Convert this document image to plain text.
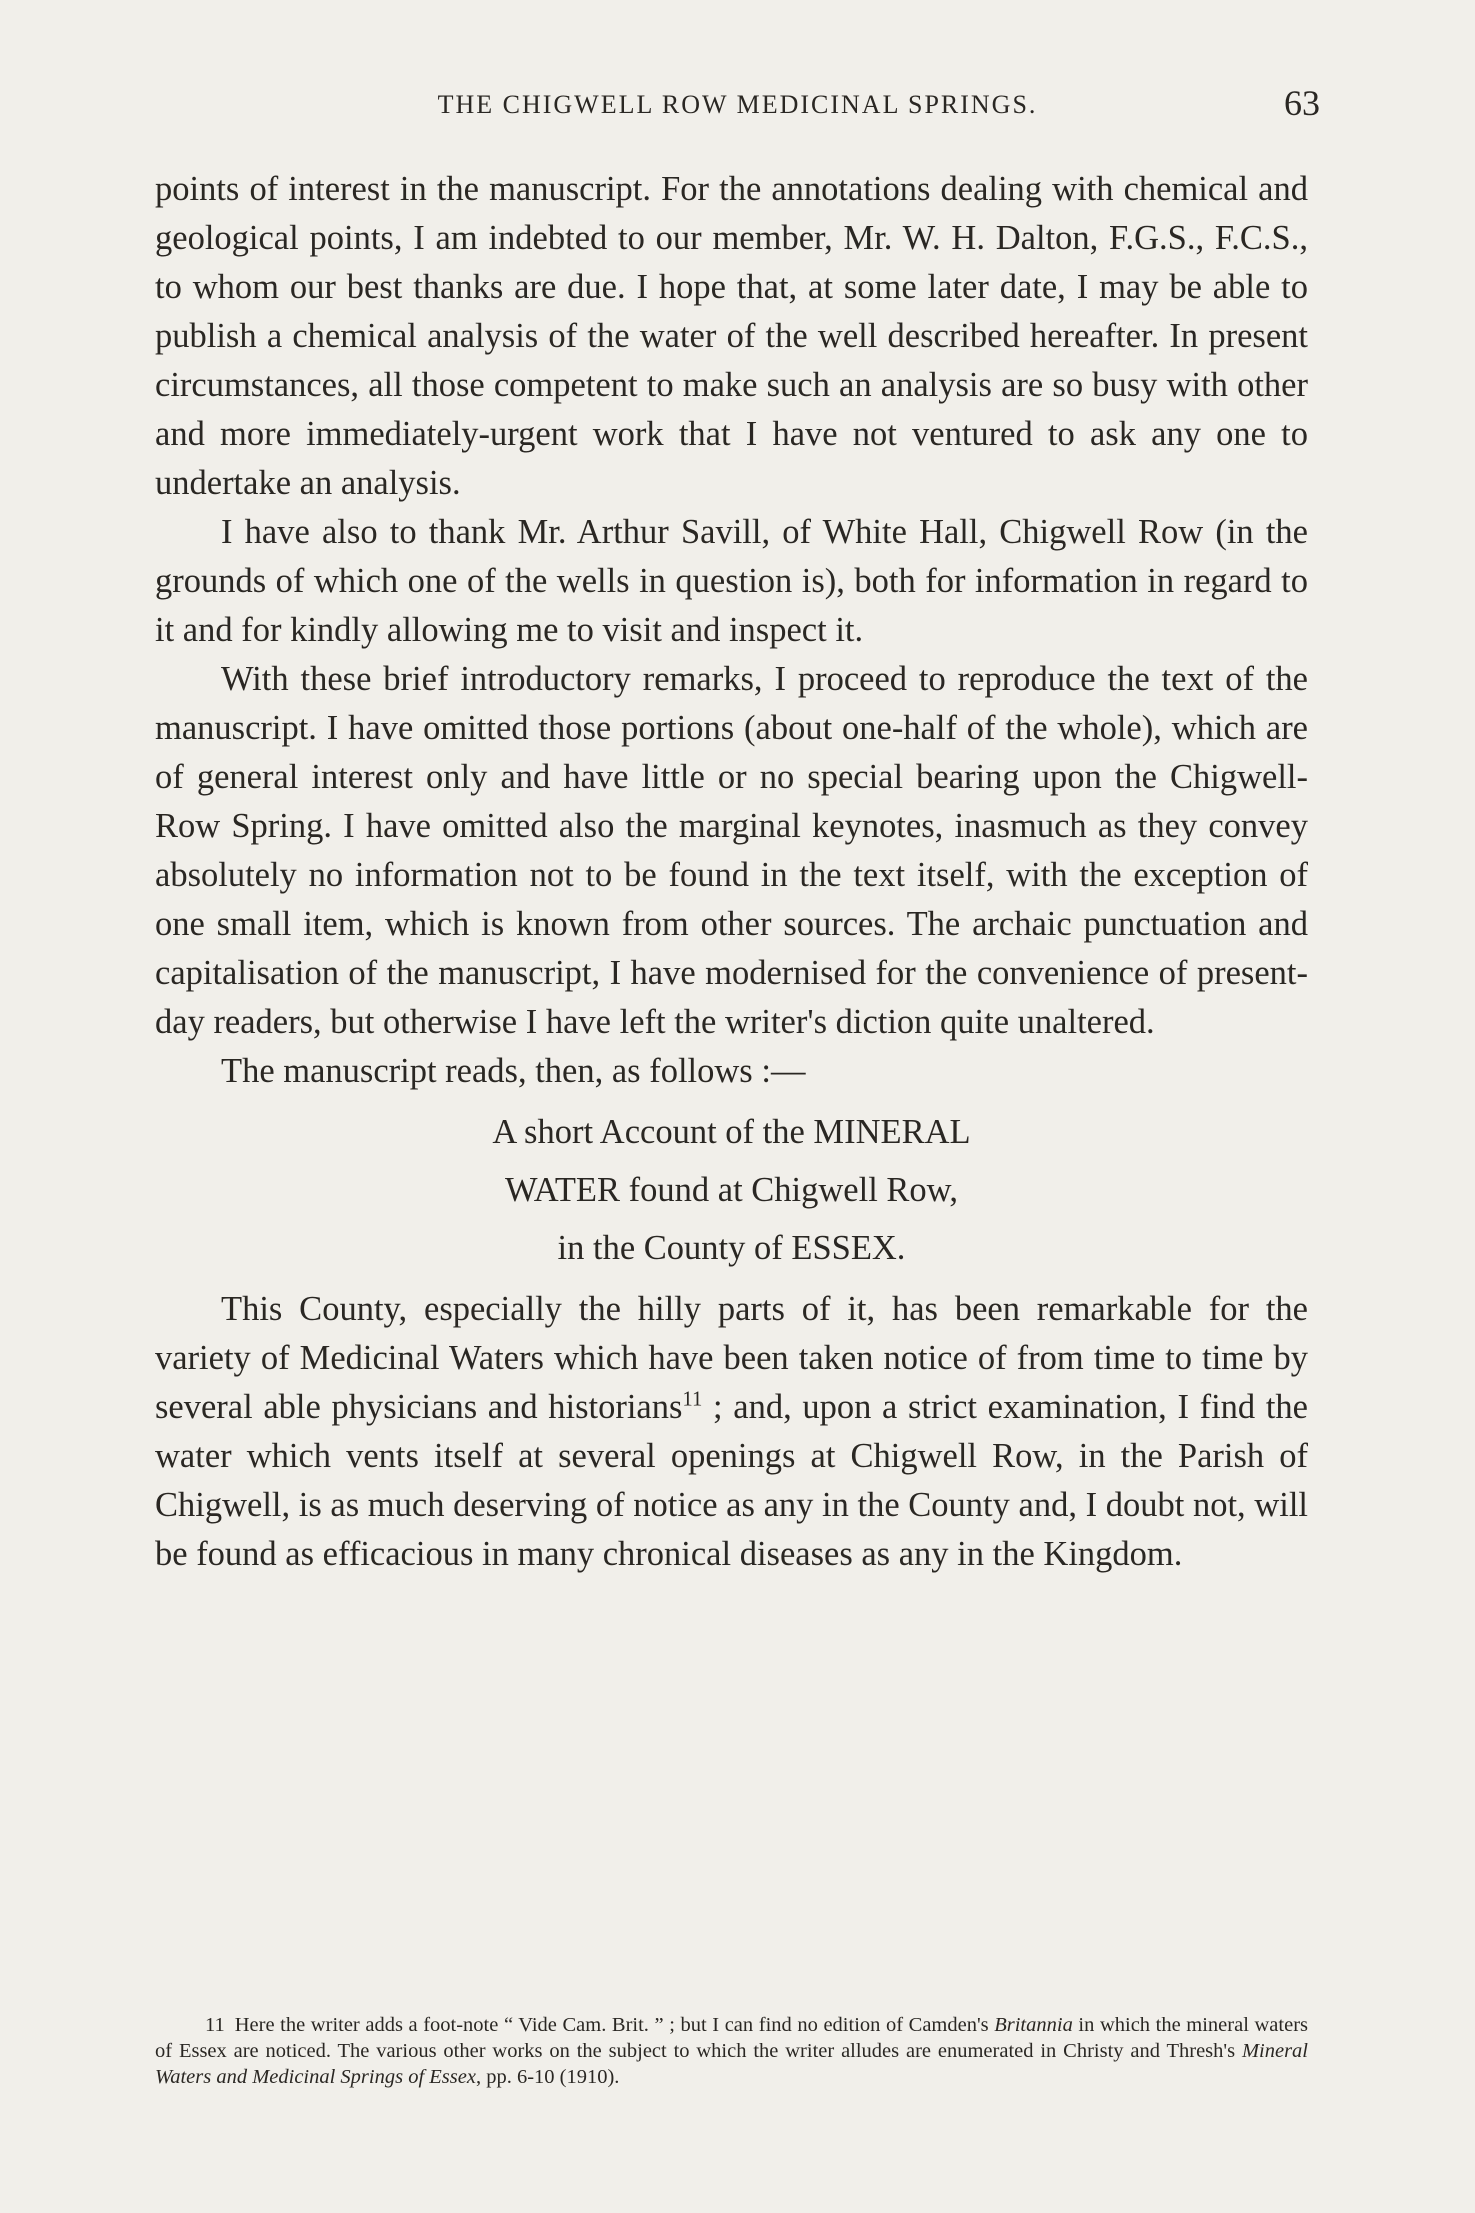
THE CHIGWELL ROW MEDICINAL SPRINGS.	63

points of interest in the manuscript. For the annotations dealing with chemical and geological points, I am indebted to our member, Mr. W. H. Dalton, F.G.S., F.C.S., to whom our best thanks are due. I hope that, at some later date, I may be able to publish a chemical analysis of the water of the well described hereafter. In present circumstances, all those competent to make such an analysis are so busy with other and more immediately-urgent work that I have not ventured to ask any one to undertake an analysis.

I have also to thank Mr. Arthur Savill, of White Hall, Chigwell Row (in the grounds of which one of the wells in question is), both for information in regard to it and for kindly allowing me to visit and inspect it.

With these brief introductory remarks, I proceed to reproduce the text of the manuscript. I have omitted those portions (about one-half of the whole), which are of general interest only and have little or no special bearing upon the Chigwell-Row Spring. I have omitted also the marginal keynotes, inasmuch as they convey absolutely no information not to be found in the text itself, with the exception of one small item, which is known from other sources. The archaic punctuation and capitalisation of the manuscript, I have modernised for the convenience of present-day readers, but otherwise I have left the writer's diction quite unaltered.

The manuscript reads, then, as follows :—

A short Account of the MINERAL
WATER found at Chigwell Row,
in the County of ESSEX.

This County, especially the hilly parts of it, has been remarkable for the variety of Medicinal Waters which have been taken notice of from time to time by several able physicians and historians$^{11}$ ; and, upon a strict examination, I find the water which vents itself at several openings at Chigwell Row, in the Parish of Chigwell, is as much deserving of notice as any in the County and, I doubt not, will be found as efficacious in many chronical diseases as any in the Kingdom.

11 Here the writer adds a foot-note “ Vide Cam. Brit. ” ; but I can find no edition of Camden's Britannia in which the mineral waters of Essex are noticed. The various other works on the subject to which the writer alludes are enumerated in Christy and Thresh's Mineral Waters and Medicinal Springs of Essex, pp. 6-10 (1910).
